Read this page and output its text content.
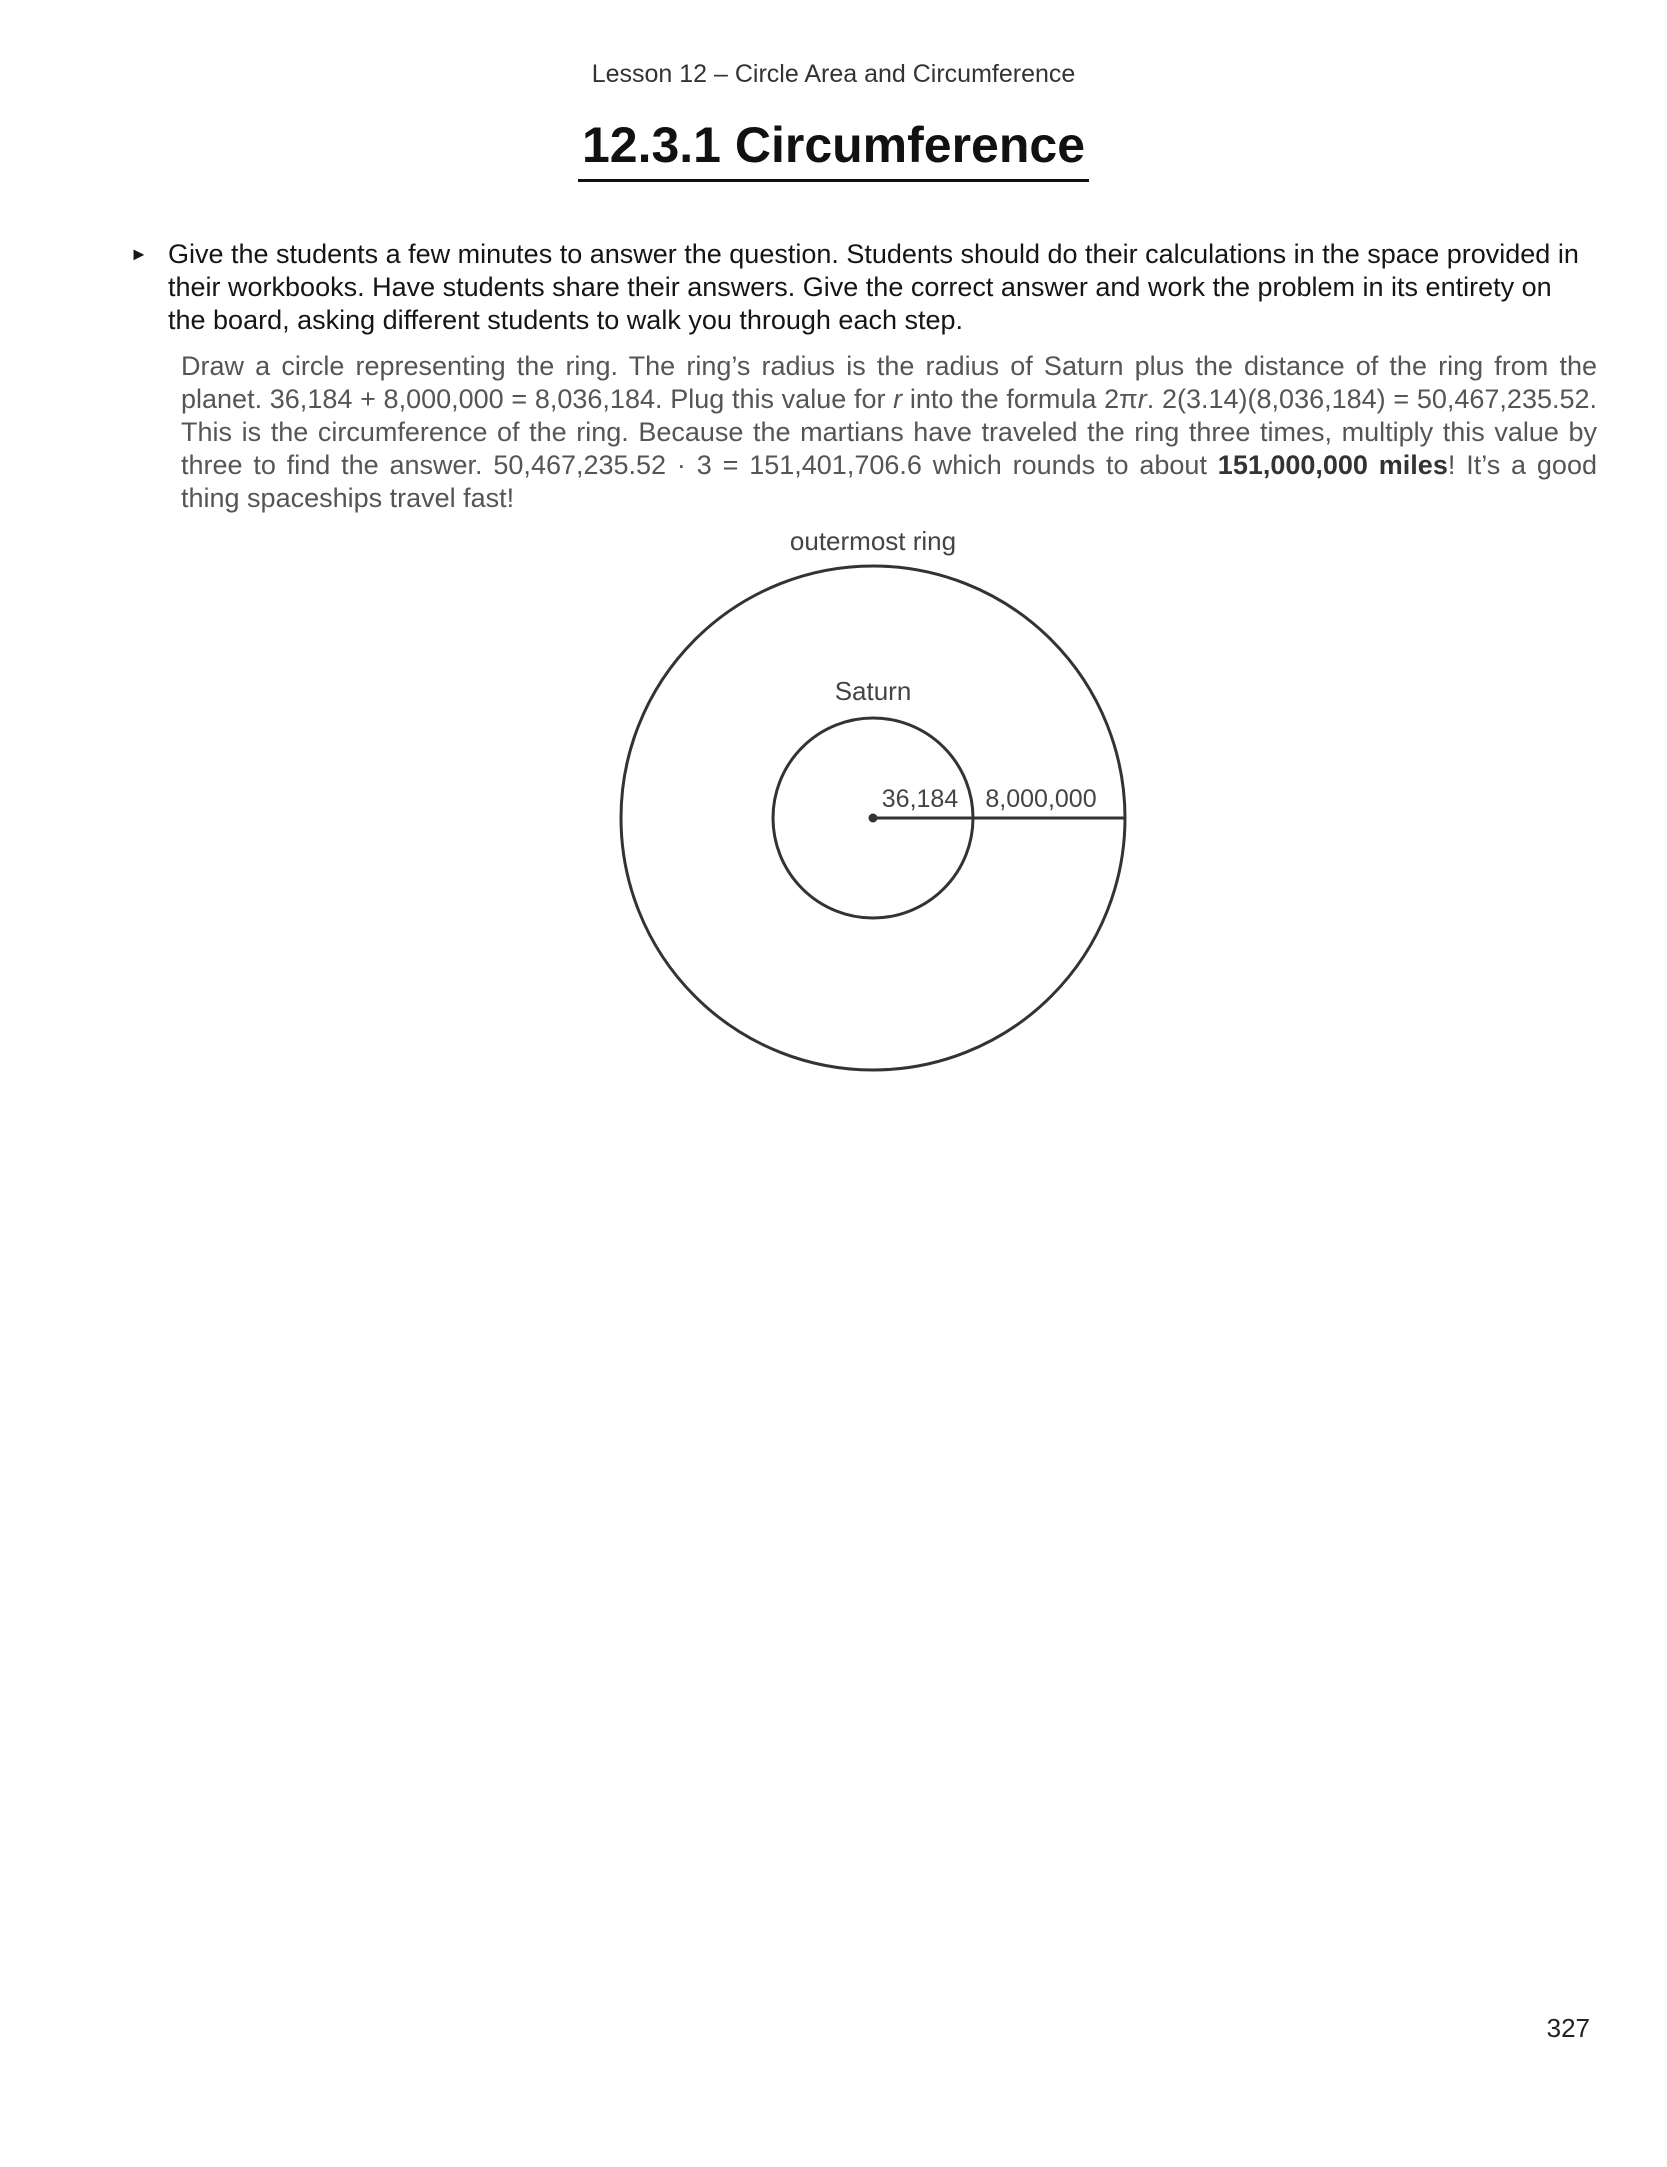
Lesson 12 – Circle Area and Circumference
12.3.1 Circumference
► Give the students a few minutes to answer the question. Students should do their calculations in the space provided in their workbooks. Have students share their answers. Give the correct answer and work the problem in its entirety on the board, asking different students to walk you through each step.
Draw a circle representing the ring. The ring’s radius is the radius of Saturn plus the distance of the ring from the planet. 36,184 + 8,000,000 = 8,036,184. Plug this value for r into the formula 2πr. 2(3.14)(8,036,184) = 50,467,235.52. This is the circumference of the ring. Because the martians have traveled the ring three times, multiply this value by three to find the answer. 50,467,235.52 · 3 = 151,401,706.6 which rounds to about 151,000,000 miles! It’s a good thing spaceships travel fast!
outermost ring
Saturn
36,184 8,000,000
327
